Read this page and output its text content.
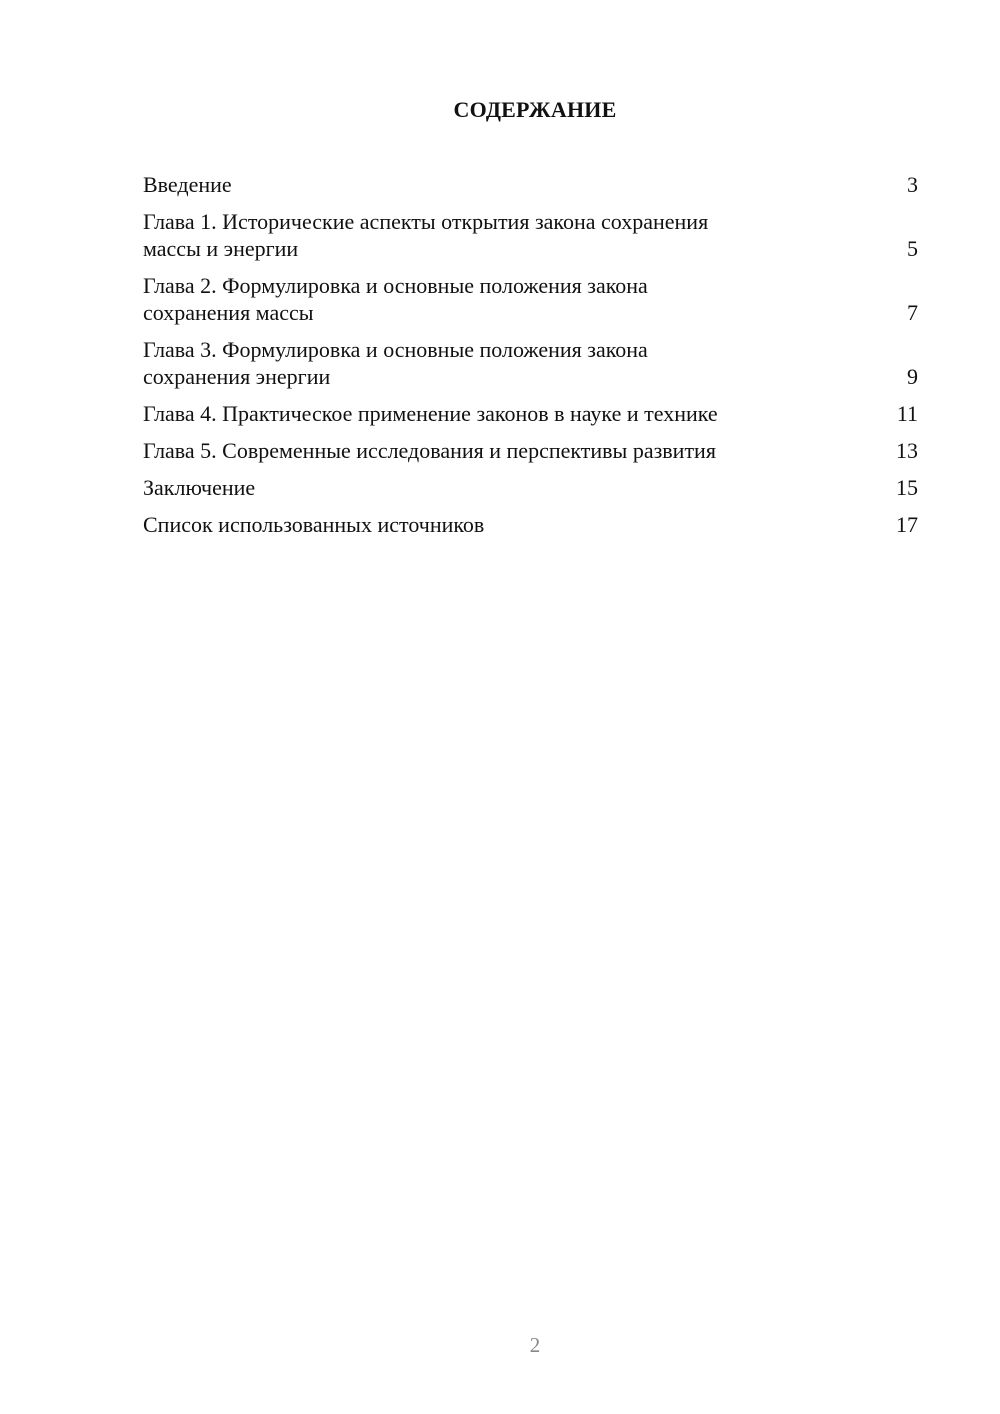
СОДЕРЖАНИЕ
Введение	3
Глава 1. Исторические аспекты открытия закона сохранения
массы и энергии	5
Глава 2. Формулировка и основные положения закона
сохранения массы	7
Глава 3. Формулировка и основные положения закона
сохранения энергии	9
Глава 4. Практическое применение законов в науке и технике	11
Глава 5. Современные исследования и перспективы развития	13
Заключение	15
Список использованных источников	17
2
